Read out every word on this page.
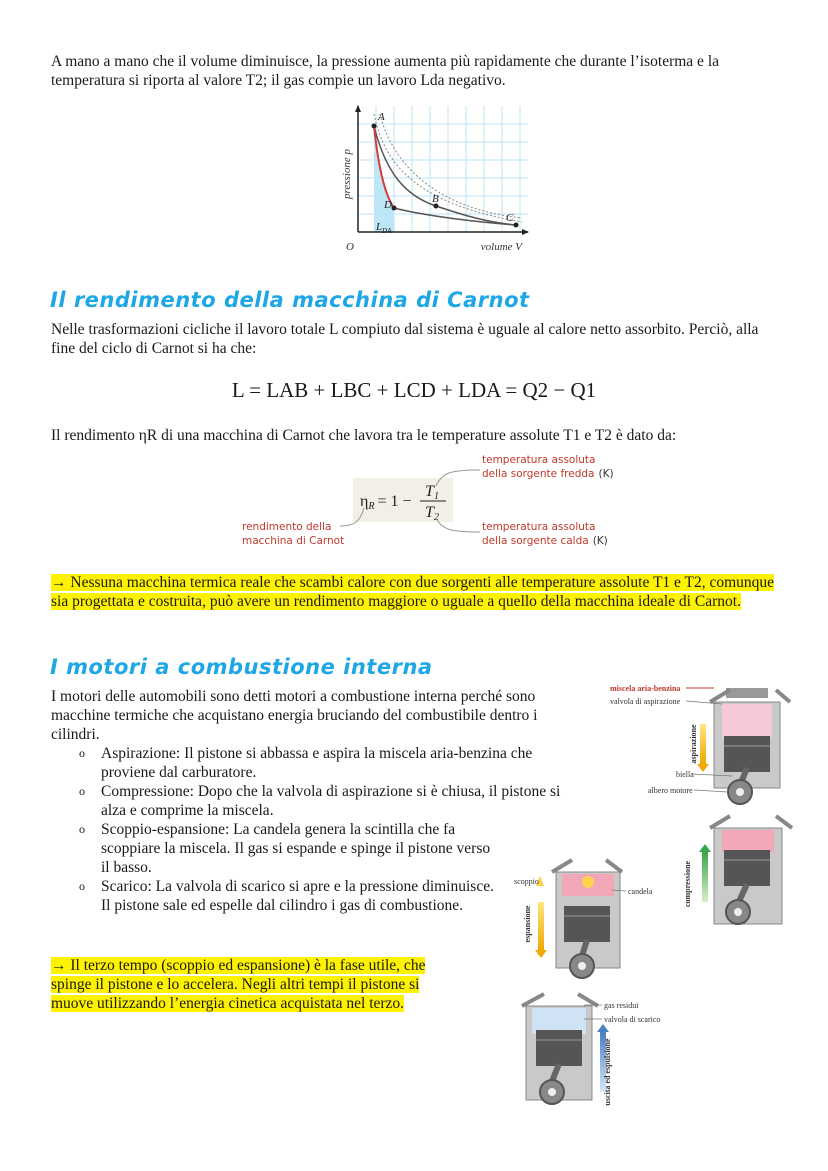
A mano a mano che il volume diminuisce, la pressione aumenta più rapidamente che durante l’isoterma e la temperatura si riporta al valore T2; il gas compie un lavoro Lda negativo.
pressione p
volume V
O
A
B
C
D
$L_{DA}$
Il rendimento della macchina di Carnot
Nelle trasformazioni cicliche il lavoro totale L compiuto dal sistema è uguale al calore netto assorbito. Perciò, alla fine del ciclo di Carnot si ha che:
L = LAB + LBC + LCD + LDA = Q2 − Q1
Il rendimento ηR di una macchina di Carnot che lavora tra le temperature assolute T1 e T2 è dato da:
ηR = 1 −
T1
T2
temperatura assoluta
della sorgente fredda (K)
rendimento della
macchina di Carnot
temperatura assoluta
della sorgente calda (K)
→ Nessuna macchina termica reale che scambi calore con due sorgenti alle temperature assolute T1 e T2, comunque sia progettata e costruita, può avere un rendimento maggiore o uguale a quello della macchina ideale di Carnot.
I motori a combustione interna
I motori delle automobili sono detti motori a combustione interna perché sono macchine termiche che acquistano energia bruciando del combustibile dentro i cilindri.
o Aspirazione: Il pistone si abbassa e aspira la miscela aria-benzina che proviene dal carburatore.
o Compressione: Dopo che la valvola di aspirazione si è chiusa, il pistone si alza e comprime la miscela.
o Scoppio-espansione: La candela genera la scintilla che fa scoppiare la miscela. Il gas si espande e spinge il pistone verso il basso.
o Scarico: La valvola di scarico si apre e la pressione diminuisce. Il pistone sale ed espelle dal cilindro i gas di combustione.
→ Il terzo tempo (scoppio ed espansione) è la fase utile, che spinge il pistone e lo accelera. Negli altri tempi il pistone si muove utilizzando l’energia cinetica acquistata nel terzo.
miscela aria-benzina
valvola di aspirazione
aspirazione
biella
albero motore
compressione
scoppio
candela
espansione
gas residui
valvola di scarico
uscita ed espulsione
